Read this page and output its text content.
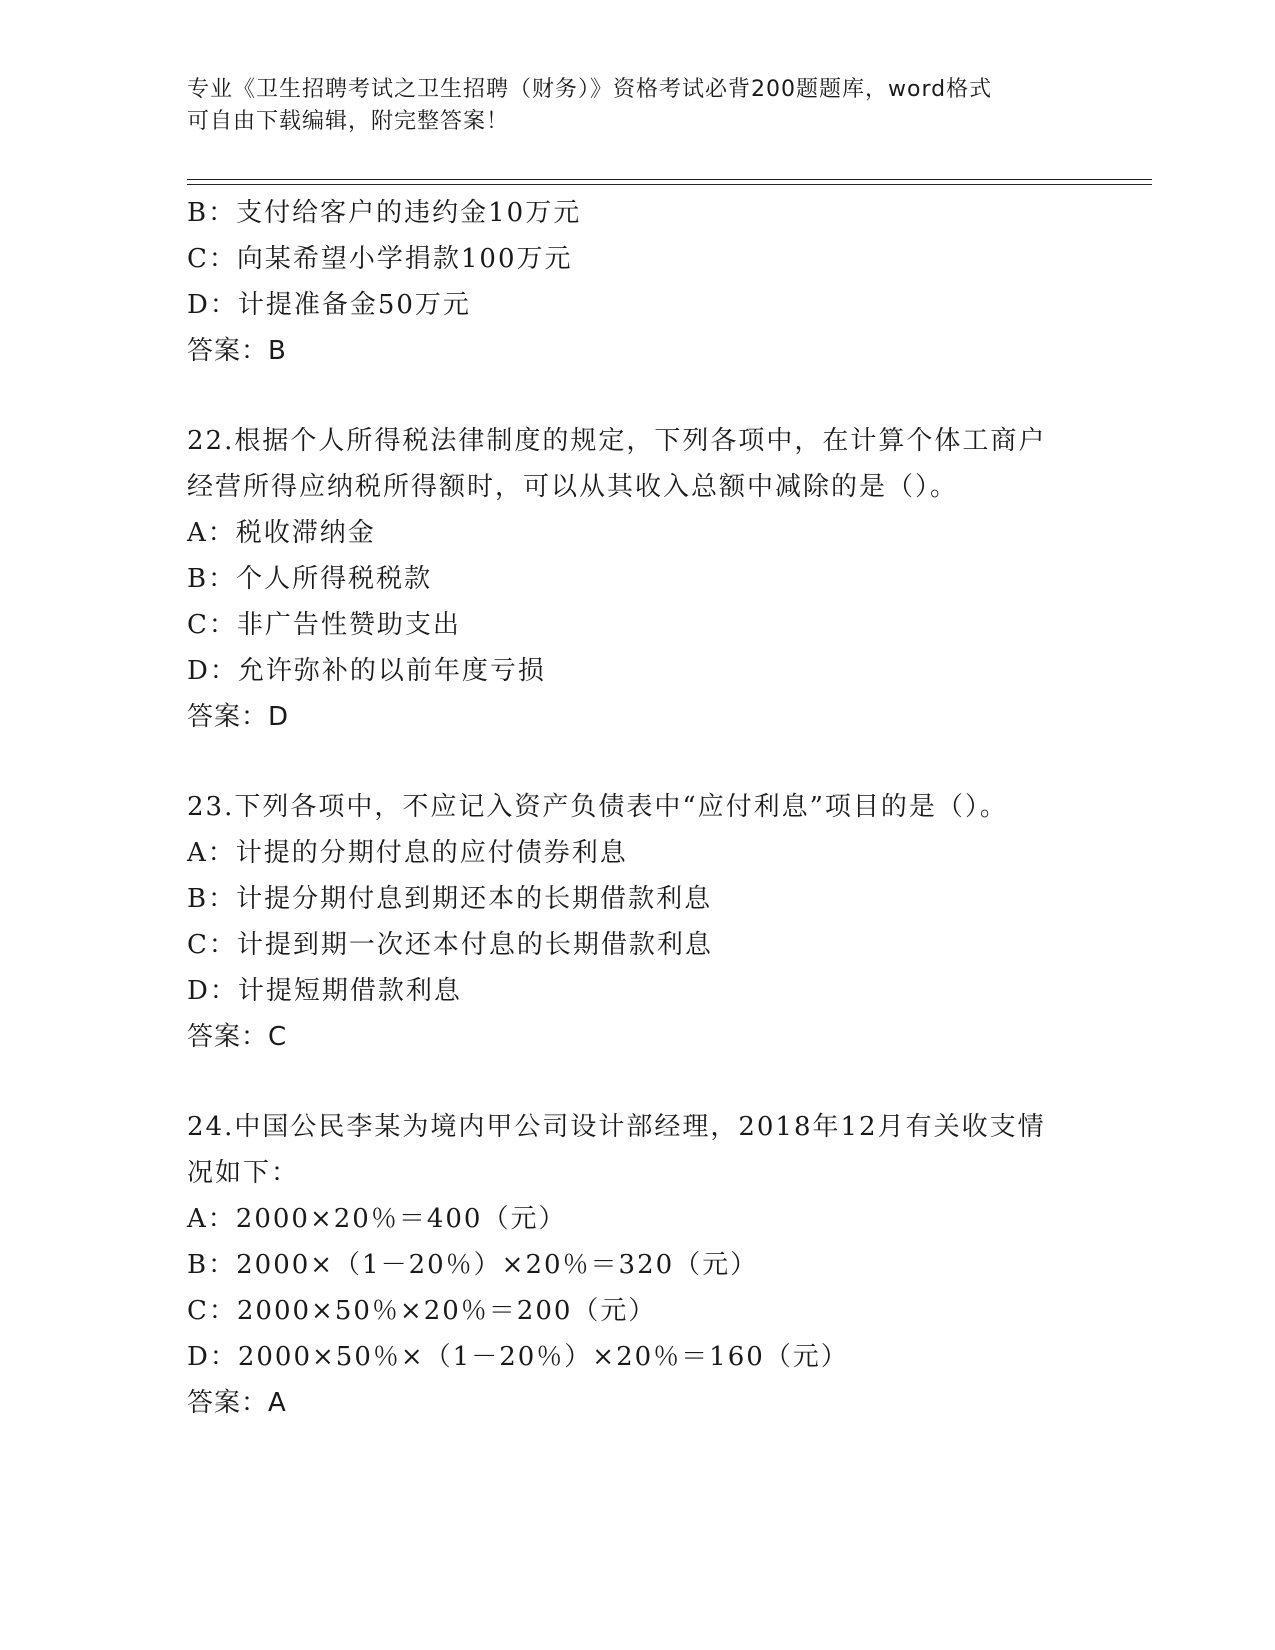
专业《卫生招聘考试之卫生招聘（财务）》资格考试必背200题题库，word格式
可自由下载编辑，附完整答案！
B：支付给客户的违约金10万元
C：向某希望小学捐款100万元
D：计提准备金50万元
答案：B
22.根据个人所得税法律制度的规定，下列各项中，在计算个体工商户
经营所得应纳税所得额时，可以从其收入总额中减除的是（）。
A：税收滞纳金
B：个人所得税税款
C：非广告性赞助支出
D：允许弥补的以前年度亏损
答案：D
23.下列各项中，不应记入资产负债表中“应付利息”项目的是（）。
A：计提的分期付息的应付债券利息
B：计提分期付息到期还本的长期借款利息
C：计提到期一次还本付息的长期借款利息
D：计提短期借款利息
答案：C
24.中国公民李某为境内甲公司设计部经理，2018年12月有关收支情
况如下：
A：2000×20％＝400（元）
B：2000×（1－20％）×20％＝320（元）
C：2000×50％×20％＝200（元）
D：2000×50％×（1－20％）×20％＝160（元）
答案：A
